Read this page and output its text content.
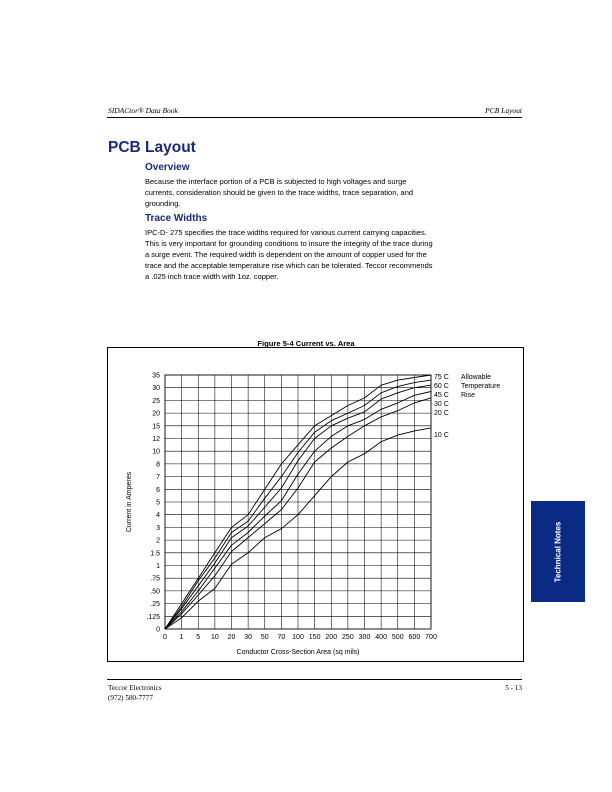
SIDACtor® Data Book	PCB Layout
PCB Layout
Overview
Because the interface portion of a PCB is subjected to high voltages and surge
currents, consideration should be given to the trace widths, trace separation, and
grounding.
Trace Widths
IPC-D- 275 specifies the trace widths required for various current carrying capacities.
This is very important for grounding conditions to insure the integrity of the trace during
a surge event. The required width is dependent on the amount of copper used for the
trace and the acceptable temperature rise which can be tolerated. Teccor recommends
a .025 inch trace width with 1oz. copper.
Figure 5-4 Current vs. Area
0 1 5 10 20 30 50 70 100 150 200 250 300 400 500 600 700
0
.125
.25
.50
.75
1
1.5
2
3
4
5
6
7
8
10
12
15
20
25
30
35
Conductor Cross-Section Area (sq mils)
Current in Amperes
75 C
60 C
45 C
30 C
20 C
10 C
Allowable
Temperature
Rise
Technical Notes
Teccor Electronics
(972) 580-7777
5 - 13
